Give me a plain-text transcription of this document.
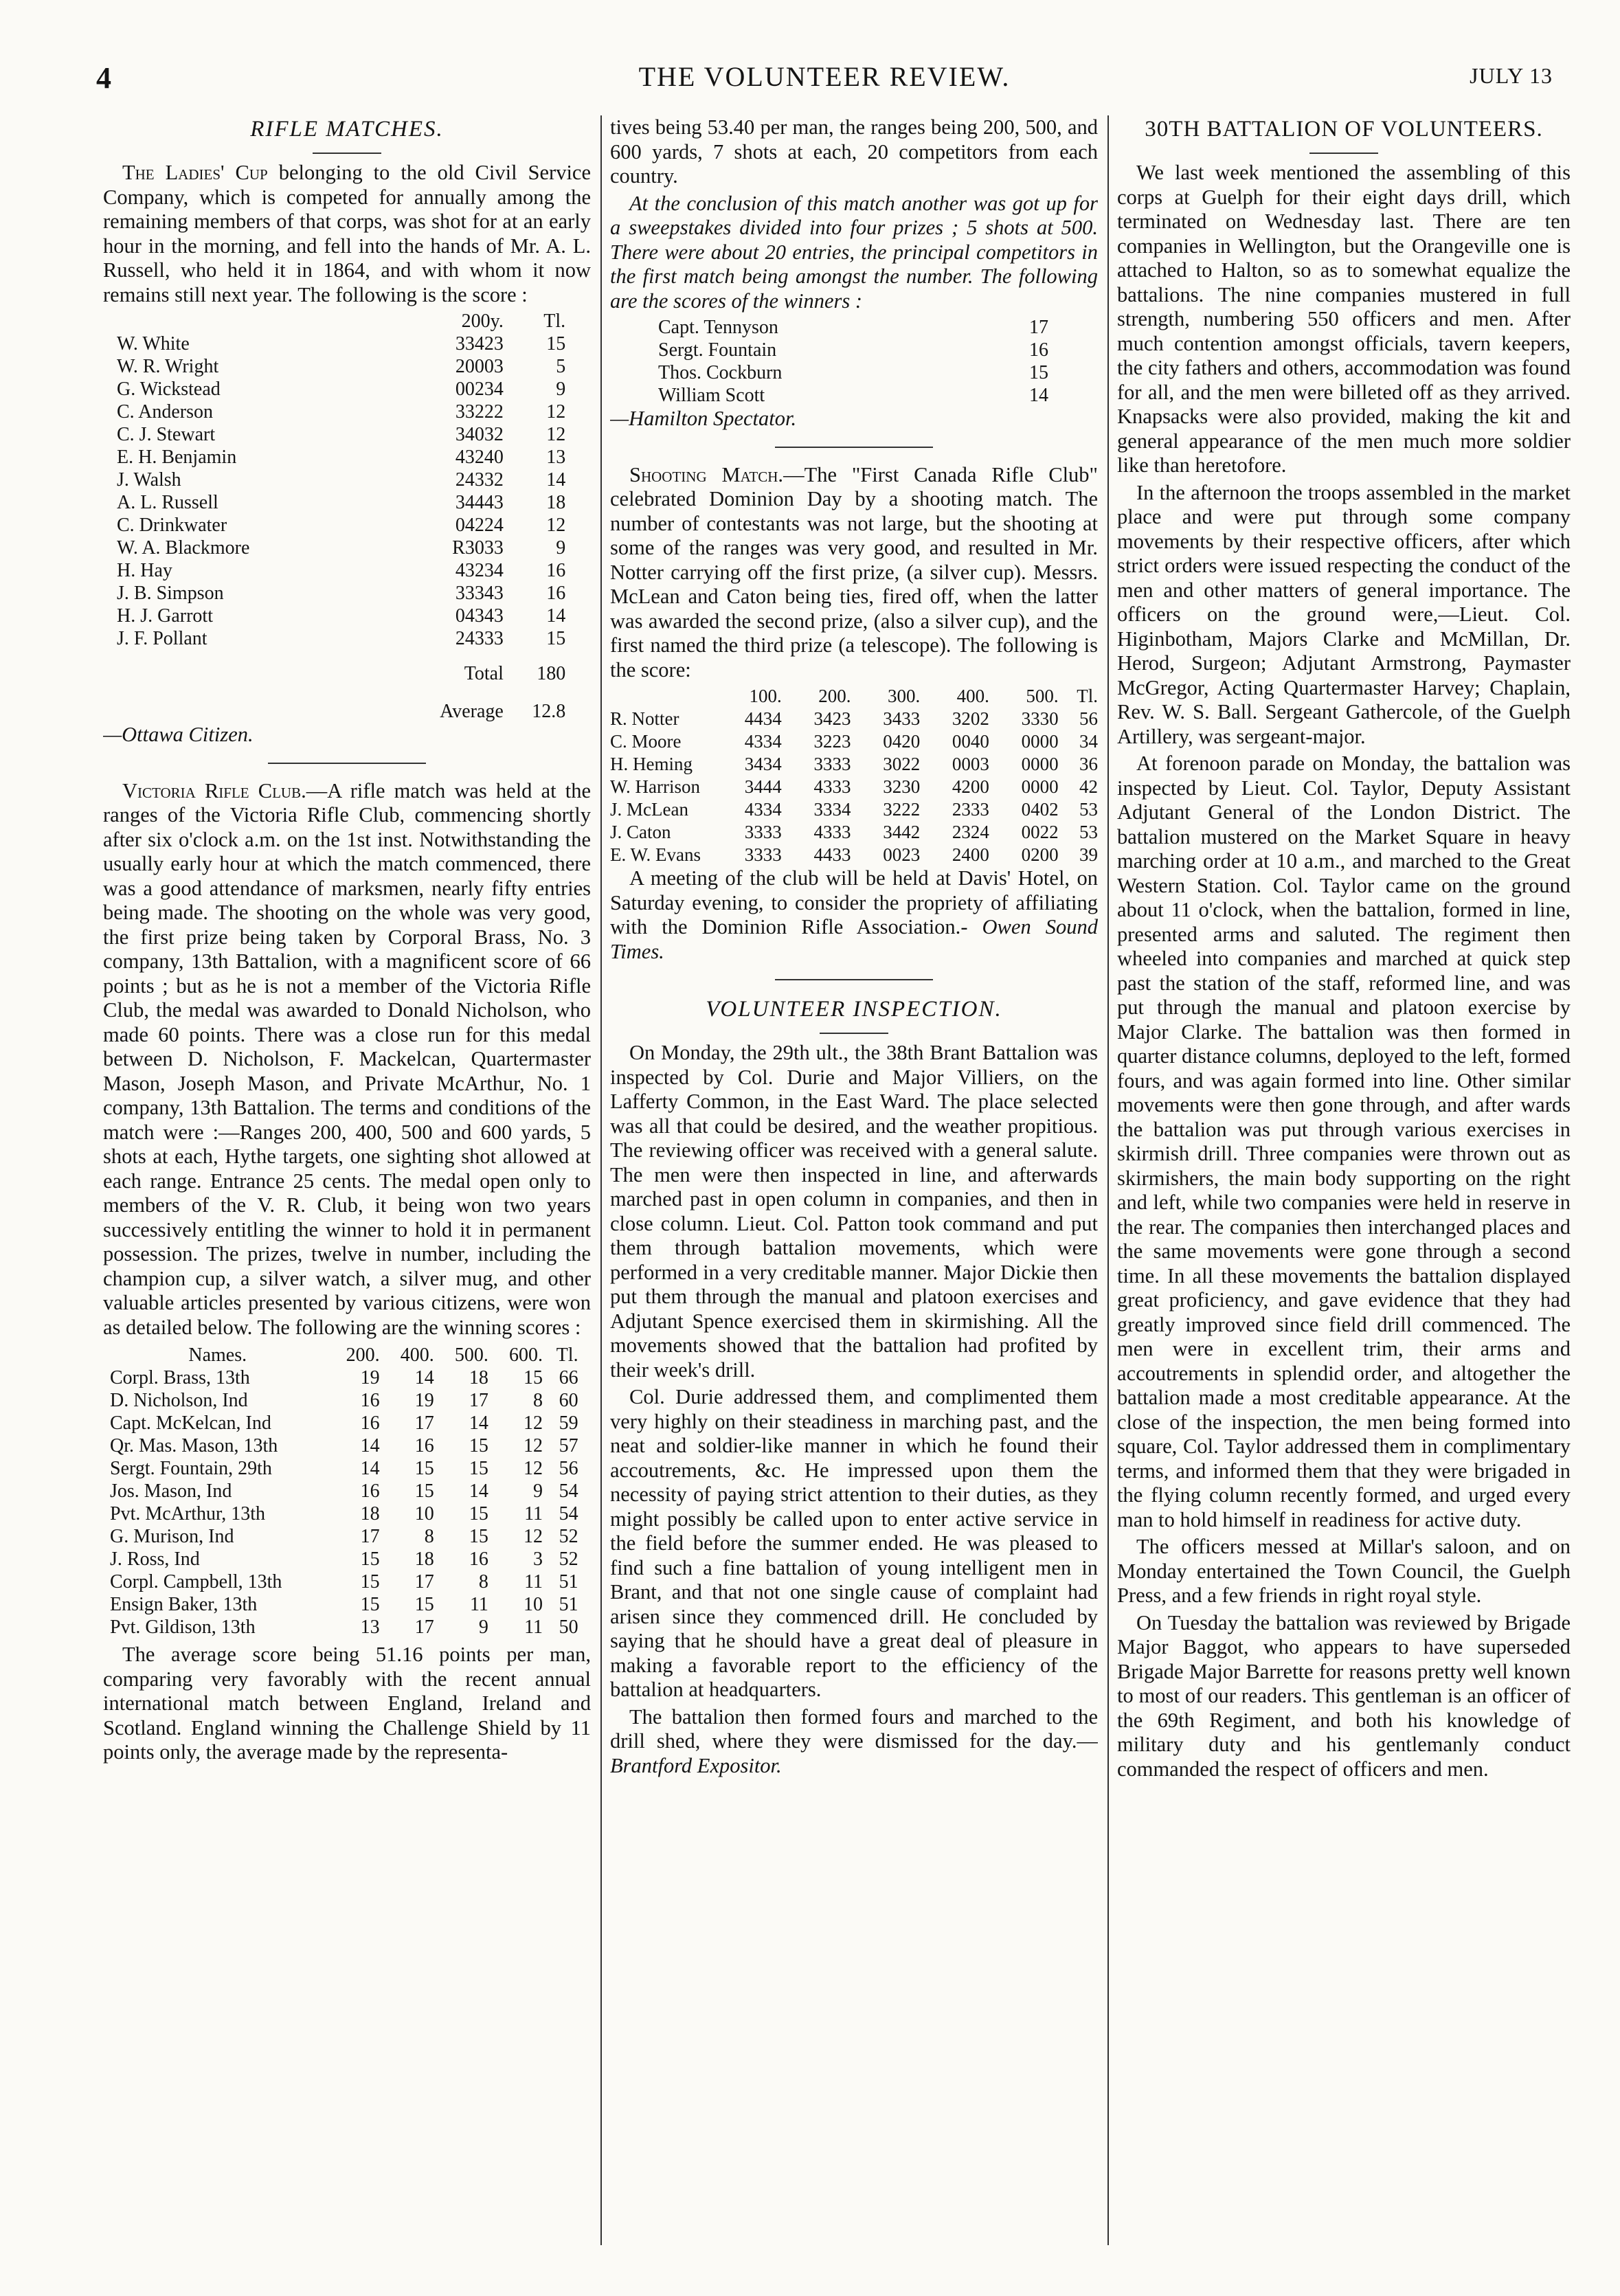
4	THE VOLUNTEER REVIEW.	JULY 13
RIFLE MATCHES.

The Ladies' Cup belonging to the old Civil Service Company, which is competed for annually among the remaining members of that corps, was shot for at an early hour in the morning, and fell into the hands of Mr. A. L. Russell, who held it in 1864, and with whom it now remains still next year. The following is the score :

	200y.	Tl.
W. White	33423	15
W. R. Wright	20003	5
G. Wickstead	00234	9
C. Anderson	33222	12
C. J. Stewart	34032	12
E. H. Benjamin	43240	13
J. Walsh	24332	14
A. L. Russell	34443	18
C. Drinkwater	04224	12
W. A. Blackmore	R3033	9
H. Hay	43234	16
J. B. Simpson	33343	16
H. J. Garrott	04343	14
J. F. Pollant	24333	15
	Total	180
	Average	12.8

—Ottawa Citizen.

Victoria Rifle Club.—A rifle match was held at the ranges of the Victoria Rifle Club, commencing shortly after six o'clock a.m. on the 1st inst. Notwithstanding the usually early hour at which the match commenced, there was a good attendance of marksmen, nearly fifty entries being made. The shooting on the whole was very good, the first prize being taken by Corporal Brass, No. 3 company, 13th Battalion, with a magnificent score of 66 points ; but as he is not a member of the Victoria Rifle Club, the medal was awarded to Donald Nicholson, who made 60 points. There was a close run for this medal between D. Nicholson, F. Mackelcan, Quartermaster Mason, Joseph Mason, and Private McArthur, No. 1 company, 13th Battalion. The terms and conditions of the match were :—Ranges 200, 400, 500 and 600 yards, 5 shots at each, Hythe targets, one sighting shot allowed at each range. Entrance 25 cents. The medal open only to members of the V. R. Club, it being won two years successively entitling the winner to hold it in permanent possession. The prizes, twelve in number, including the champion cup, a silver watch, a silver mug, and other valuable articles presented by various citizens, were won as detailed below. The following are the winning scores :

Names.	200.	400.	500.	600.	Tl.
Corpl. Brass, 13th	19	14	18	15	66
D. Nicholson, Ind	16	19	17	8	60
Capt. McKelcan, Ind	16	17	14	12	59
Qr. Mas. Mason, 13th	14	16	15	12	57
Sergt. Fountain, 29th	14	15	15	12	56
Jos. Mason, Ind	16	15	14	9	54
Pvt. McArthur, 13th	18	10	15	11	54
G. Murison, Ind	17	8	15	12	52
J. Ross, Ind	15	18	16	3	52
Corpl. Campbell, 13th	15	17	8	11	51
Ensign Baker, 13th	15	15	11	10	51
Pvt. Gildison, 13th	13	17	9	11	50

The average score being 51.16 points per man, comparing very favorably with the recent annual international match between England, Ireland and Scotland. England winning the Challenge Shield by 11 points only, the average made by the representa-

tives being 53.40 per man, the ranges being 200, 500, and 600 yards, 7 shots at each, 20 competitors from each country.

At the conclusion of this match another was got up for a sweepstakes divided into four prizes ; 5 shots at 500. There were about 20 entries, the principal competitors in the first match being amongst the number. The following are the scores of the winners :

Capt. Tennyson	17
Sergt. Fountain	16
Thos. Cockburn	15
William Scott	14

—Hamilton Spectator.

Shooting Match.—The "First Canada Rifle Club" celebrated Dominion Day by a shooting match. The number of contestants was not large, but the shooting at some of the ranges was very good, and resulted in Mr. Notter carrying off the first prize, (a silver cup). Messrs. McLean and Caton being ties, fired off, when the latter was awarded the second prize, (also a silver cup), and the first named the third prize (a telescope). The following is the score:

	100.	200.	300.	400.	500.	Tl.
R. Notter	4434	3423	3433	3202	3330	56
C. Moore	4334	3223	0420	0040	0000	34
H. Heming	3434	3333	3022	0003	0000	36
W. Harrison	3444	4333	3230	4200	0000	42
J. McLean	4334	3334	3222	2333	0402	53
J. Caton	3333	4333	3442	2324	0022	53
E. W. Evans	3333	4433	0023	2400	0200	39

A meeting of the club will be held at Davis' Hotel, on Saturday evening, to consider the propriety of affiliating with the Dominion Rifle Association.- Owen Sound Times.

VOLUNTEER INSPECTION.

On Monday, the 29th ult., the 38th Brant Battalion was inspected by Col. Durie and Major Villiers, on the Lafferty Common, in the East Ward. The place selected was all that could be desired, and the weather propitious. The reviewing officer was received with a general salute. The men were then inspected in line, and afterwards marched past in open column in companies, and then in close column. Lieut. Col. Patton took command and put them through battalion movements, which were performed in a very creditable manner. Major Dickie then put them through the manual and platoon exercises and Adjutant Spence exercised them in skirmishing. All the movements showed that the battalion had profited by their week's drill.

Col. Durie addressed them, and complimented them very highly on their steadiness in marching past, and the neat and soldier-like manner in which he found their accoutrements, &c. He impressed upon them the necessity of paying strict attention to their duties, as they might possibly be called upon to enter active service in the field before the summer ended. He was pleased to find such a fine battalion of young intelligent men in Brant, and that not one single cause of complaint had arisen since they commenced drill. He concluded by saying that he should have a great deal of pleasure in making a favorable report to the efficiency of the battalion at headquarters.

The battalion then formed fours and marched to the drill shed, where they were dismissed for the day.—Brantford Expositor.

30TH BATTALION OF VOLUNTEERS.

We last week mentioned the assembling of this corps at Guelph for their eight days drill, which terminated on Wednesday last. There are ten companies in Wellington, but the Orangeville one is attached to Halton, so as to somewhat equalize the battalions. The nine companies mustered in full strength, numbering 550 officers and men. After much contention amongst officials, tavern keepers, the city fathers and others, accommodation was found for all, and the men were billeted off as they arrived. Knapsacks were also provided, making the kit and general appearance of the men much more soldier like than heretofore.

In the afternoon the troops assembled in the market place and were put through some company movements by their respective officers, after which strict orders were issued respecting the conduct of the men and other matters of general importance. The officers on the ground were,—Lieut. Col. Higinbotham, Majors Clarke and McMillan, Dr. Herod, Surgeon; Adjutant Armstrong, Paymaster McGregor, Acting Quartermaster Harvey; Chaplain, Rev. W. S. Ball. Sergeant Gathercole, of the Guelph Artillery, was sergeant-major.

At forenoon parade on Monday, the battalion was inspected by Lieut. Col. Taylor, Deputy Assistant Adjutant General of the London District. The battalion mustered on the Market Square in heavy marching order at 10 a.m., and marched to the Great Western Station. Col. Taylor came on the ground about 11 o'clock, when the battalion, formed in line, presented arms and saluted. The regiment then wheeled into companies and marched at quick step past the station of the staff, reformed line, and was put through the manual and platoon exercise by Major Clarke. The battalion was then formed in quarter distance columns, deployed to the left, formed fours, and was again formed into line. Other similar movements were then gone through, and after wards the battalion was put through various exercises in skirmish drill. Three companies were thrown out as skirmishers, the main body supporting on the right and left, while two companies were held in reserve in the rear. The companies then interchanged places and the same movements were gone through a second time. In all these movements the battalion displayed great proficiency, and gave evidence that they had greatly improved since field drill commenced. The men were in excellent trim, their arms and accoutrements in splendid order, and altogether the battalion made a most creditable appearance. At the close of the inspection, the men being formed into square, Col. Taylor addressed them in complimentary terms, and informed them that they were brigaded in the flying column recently formed, and urged every man to hold himself in readiness for active duty.

The officers messed at Millar's saloon, and on Monday entertained the Town Council, the Guelph Press, and a few friends in right royal style.

On Tuesday the battalion was reviewed by Brigade Major Baggot, who appears to have superseded Brigade Major Barrette for reasons pretty well known to most of our readers. This gentleman is an officer of the 69th Regiment, and both his knowledge of military duty and his gentlemanly conduct commanded the respect of officers and men.
